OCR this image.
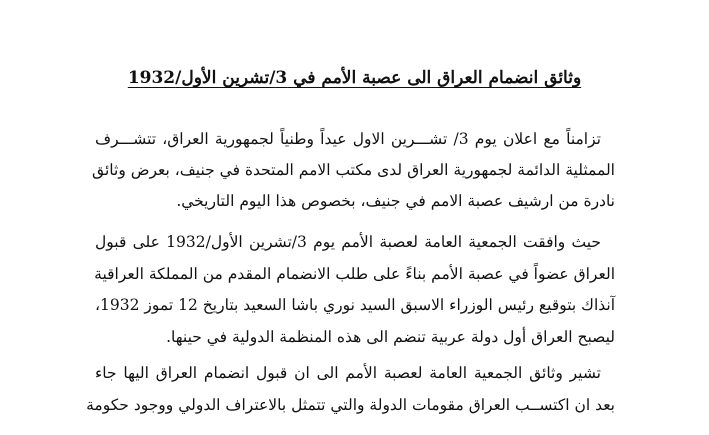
وثائق انضمام العراق الى عصبة الأمم في 3/تشرين الأول/1932
تزامناً مع اعلان يوم 3/ تشـــرين الاول عيداً وطنياً لجمهورية العراق، تتشـــرف
الممثلية الدائمة لجمهورية العراق لدى مكتب الامم المتحدة في جنيف، بعرض وثائق
نادرة من ارشيف عصبة الامم في جنيف، بخصوص هذا اليوم التاريخي.
حيث وافقت الجمعية العامة لعصبة الأمم يوم 3/تشرين الأول/1932 على قبول
العراق عضواً في عصبة الأمم بناءً على طلب الانضمام المقدم من المملكة العراقية
آنذاك بتوقيع رئيس الوزراء الاسبق السيد نوري باشا السعيد بتاريخ 12 تموز 1932،
ليصبح العراق أول دولة عربية تنضم الى هذه المنظمة الدولية في حينها.
تشير وثائق الجمعية العامة لعصبة الأمم الى ان قبول انضمام العراق اليها جاء
بعد ان اكتســب العراق مقومات الدولة والتي تتمثل بالاعتراف الدولي ووجود حكومة
